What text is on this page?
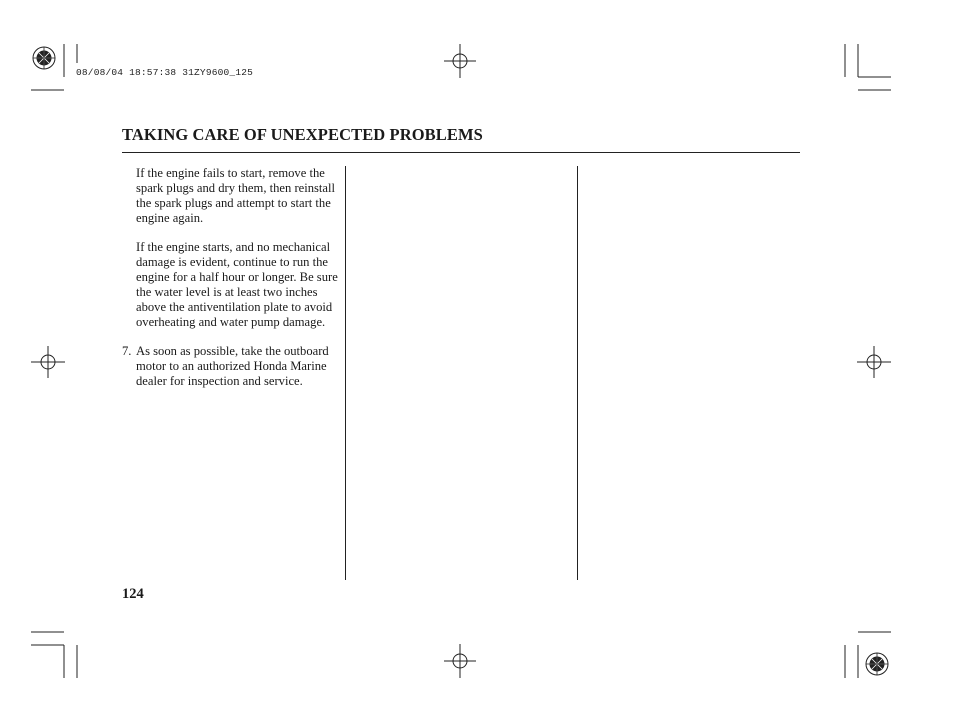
08/08/04 18:57:38 31ZY9600_125
TAKING CARE OF UNEXPECTED PROBLEMS

If the engine fails to start, remove the spark plugs and dry them, then reinstall the spark plugs and attempt to start the engine again.

If the engine starts, and no mechanical damage is evident, continue to run the engine for a half hour or longer. Be sure the water level is at least two inches above the antiventilation plate to avoid overheating and water pump damage.

7. As soon as possible, take the outboard motor to an authorized Honda Marine dealer for inspection and service.
124
